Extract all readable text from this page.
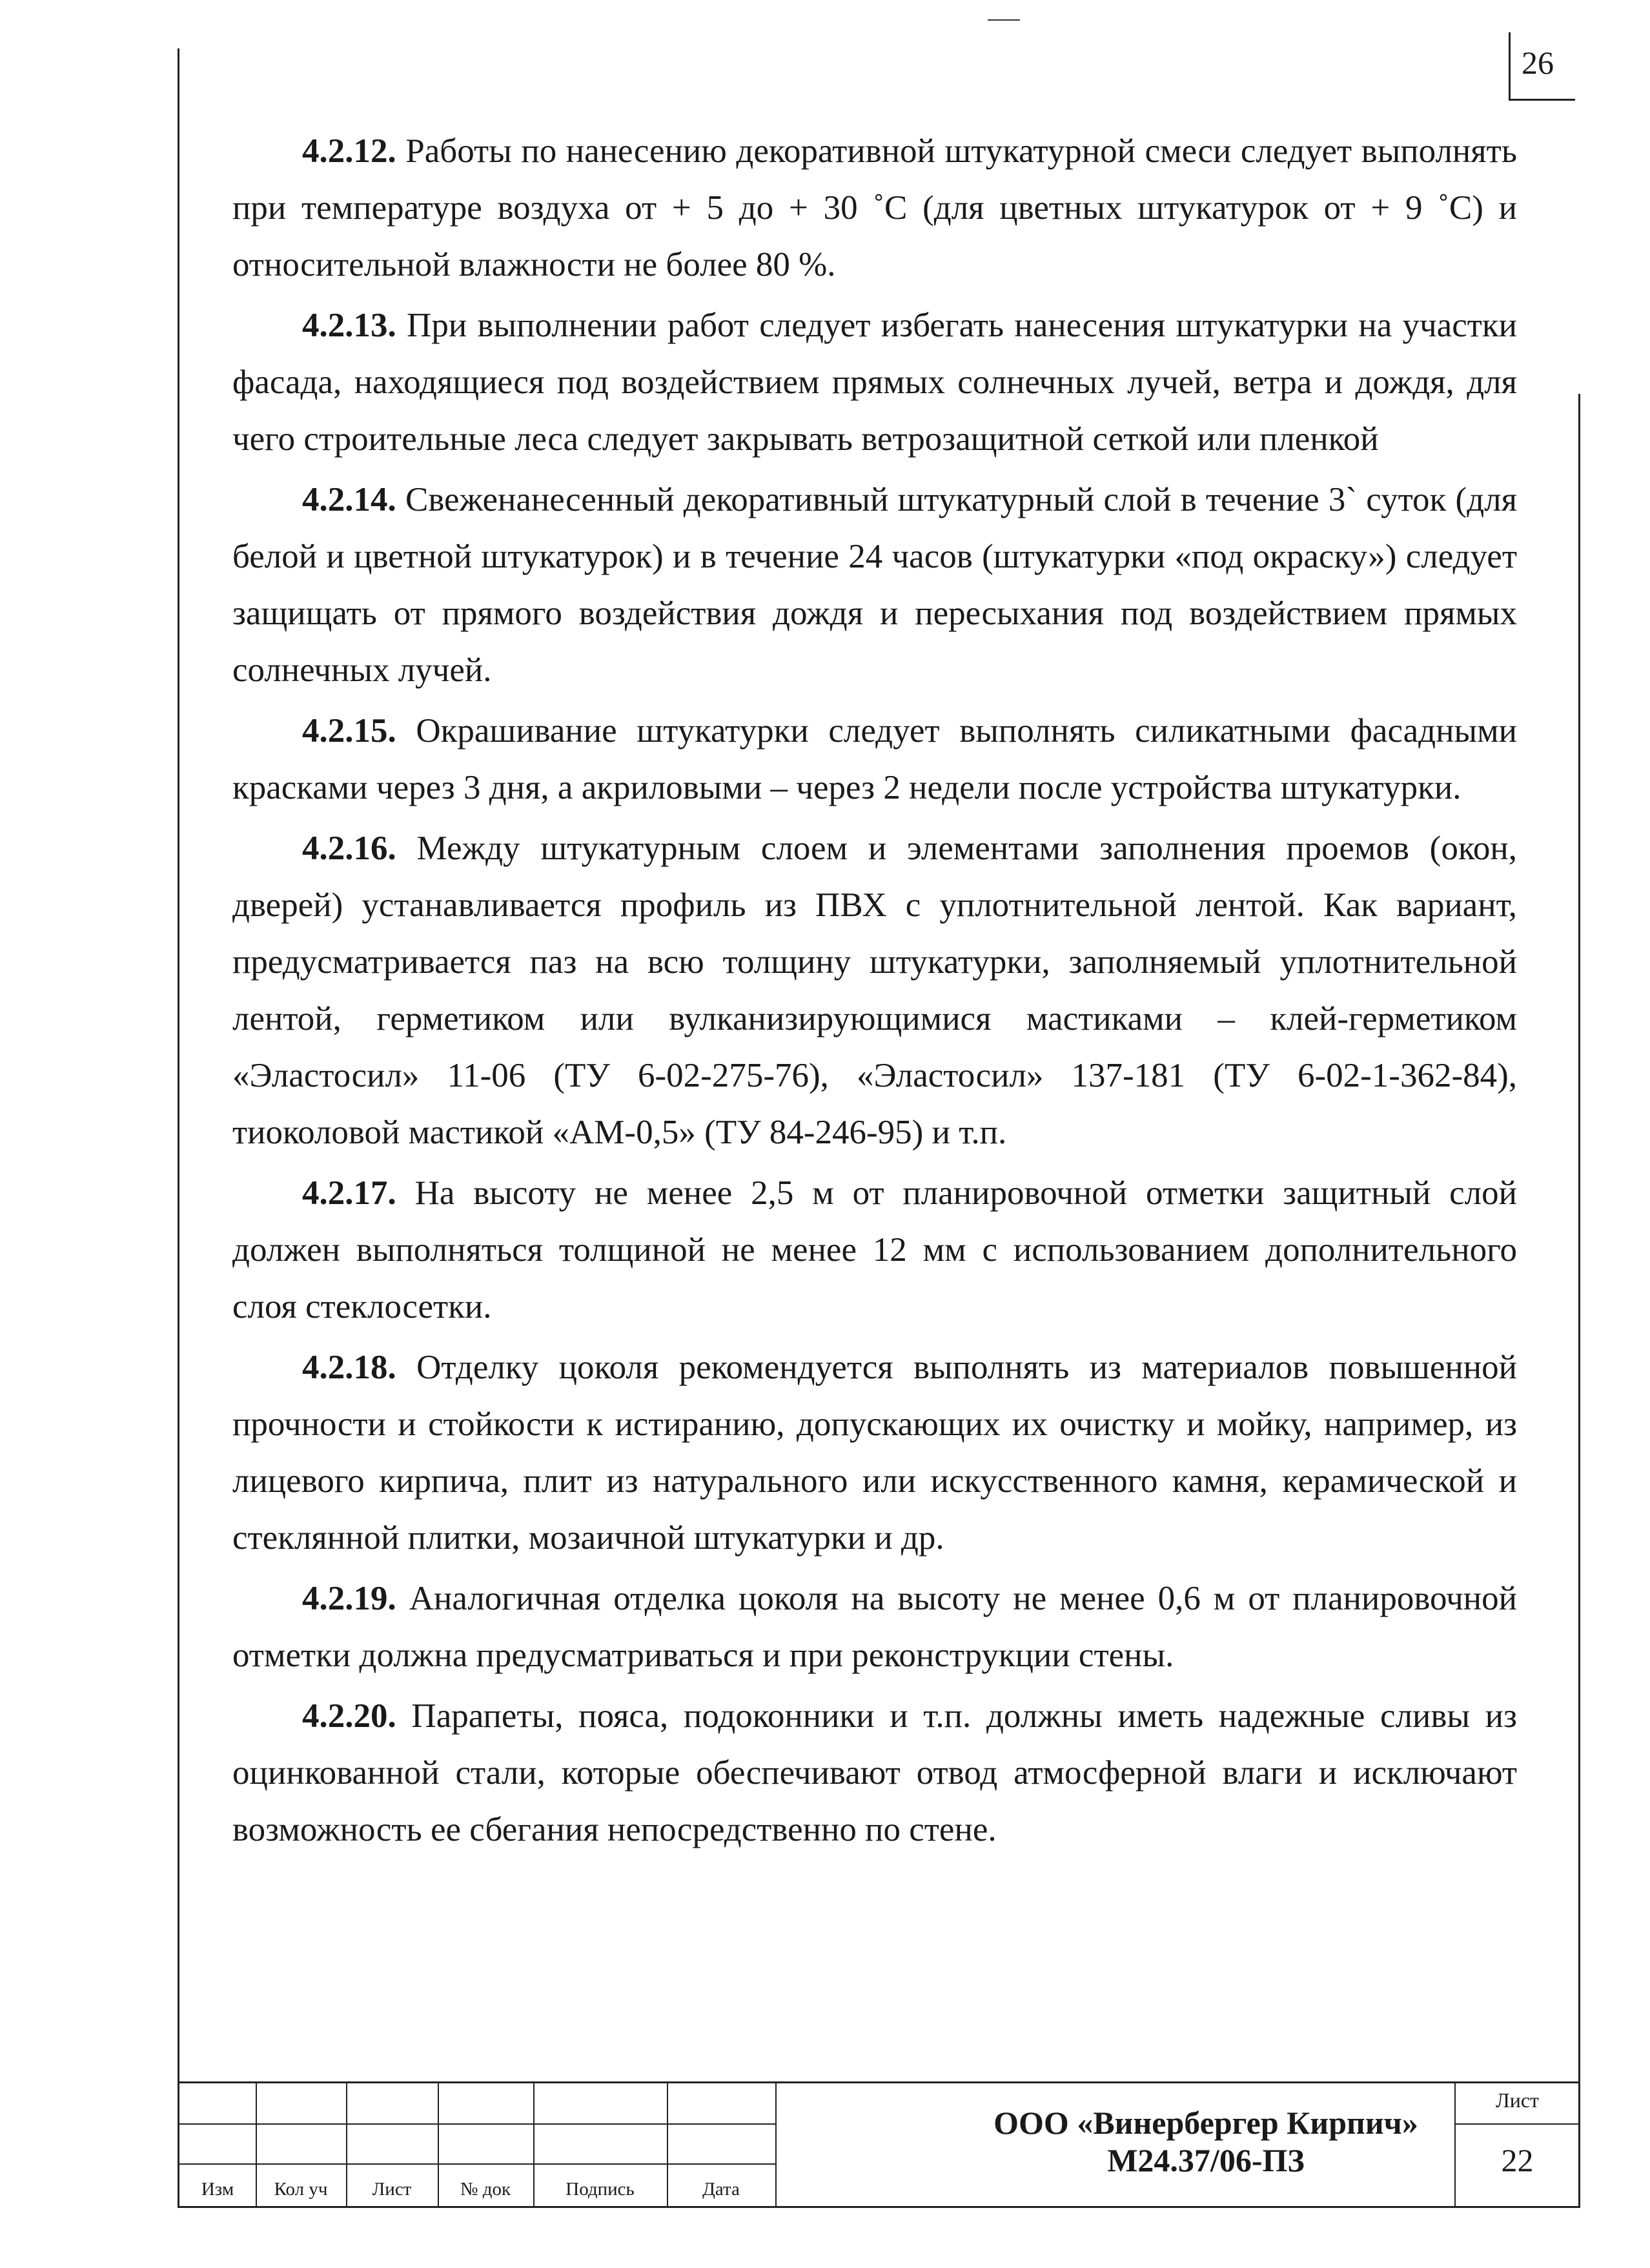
26

4.2.12. Работы по нанесению декоративной штукатурной смеси следует выполнять при температуре воздуха от + 5 до + 30 ˚С (для цветных штукатурок от + 9 ˚С) и относительной влажности не более 80 %.

4.2.13. При выполнении работ следует избегать нанесения штукатурки на участки фасада, находящиеся под воздействием прямых солнечных лучей, ветра и дождя, для чего строительные леса следует закрывать ветрозащитной сеткой или пленкой

4.2.14. Свеженанесенный декоративный штукатурный слой в течение 3` суток (для белой и цветной штукатурок) и в течение 24 часов (штукатурки «под окраску») следует защищать от прямого воздействия дождя и пересыхания под воздействием прямых солнечных лучей.

4.2.15. Окрашивание штукатурки следует выполнять силикатными фасадными красками через 3 дня, а акриловыми – через 2 недели после устройства штукатурки.

4.2.16. Между штукатурным слоем и элементами заполнения проемов (окон, дверей) устанавливается профиль из ПВХ с уплотнительной лентой. Как вариант, предусматривается паз на всю толщину штукатурки, заполняемый уплотнительной лентой, герметиком или вулканизирующимися мастиками – клей-герметиком «Эластосил» 11-06 (ТУ 6-02-275-76), «Эластосил» 137-181 (ТУ 6-02-1-362-84), тиоколовой мастикой «АМ-0,5» (ТУ 84-246-95) и т.п.

4.2.17. На высоту не менее 2,5 м от планировочной отметки защитный слой должен выполняться толщиной не менее 12 мм с использованием дополнительного слоя стеклосетки.

4.2.18. Отделку цоколя рекомендуется выполнять из материалов повышенной прочности и стойкости к истиранию, допускающих их очистку и мойку, например, из лицевого кирпича, плит из натурального или искусственного камня, керамической и стеклянной плитки, мозаичной штукатурки и др.

4.2.19. Аналогичная отделка цоколя на высоту не менее 0,6 м от планировочной отметки должна предусматриваться и при реконструкции стены.

4.2.20. Парапеты, пояса, подоконники и т.п. должны иметь надежные сливы из оцинкованной стали, которые обеспечивают отвод атмосферной влаги и исключают возможность ее сбегания непосредственно по стене.

Изм	Кол уч	Лист	№ док	Подпись	Дата
ООО «Винербергер Кирпич»
М24.37/06-ПЗ
Лист
22
